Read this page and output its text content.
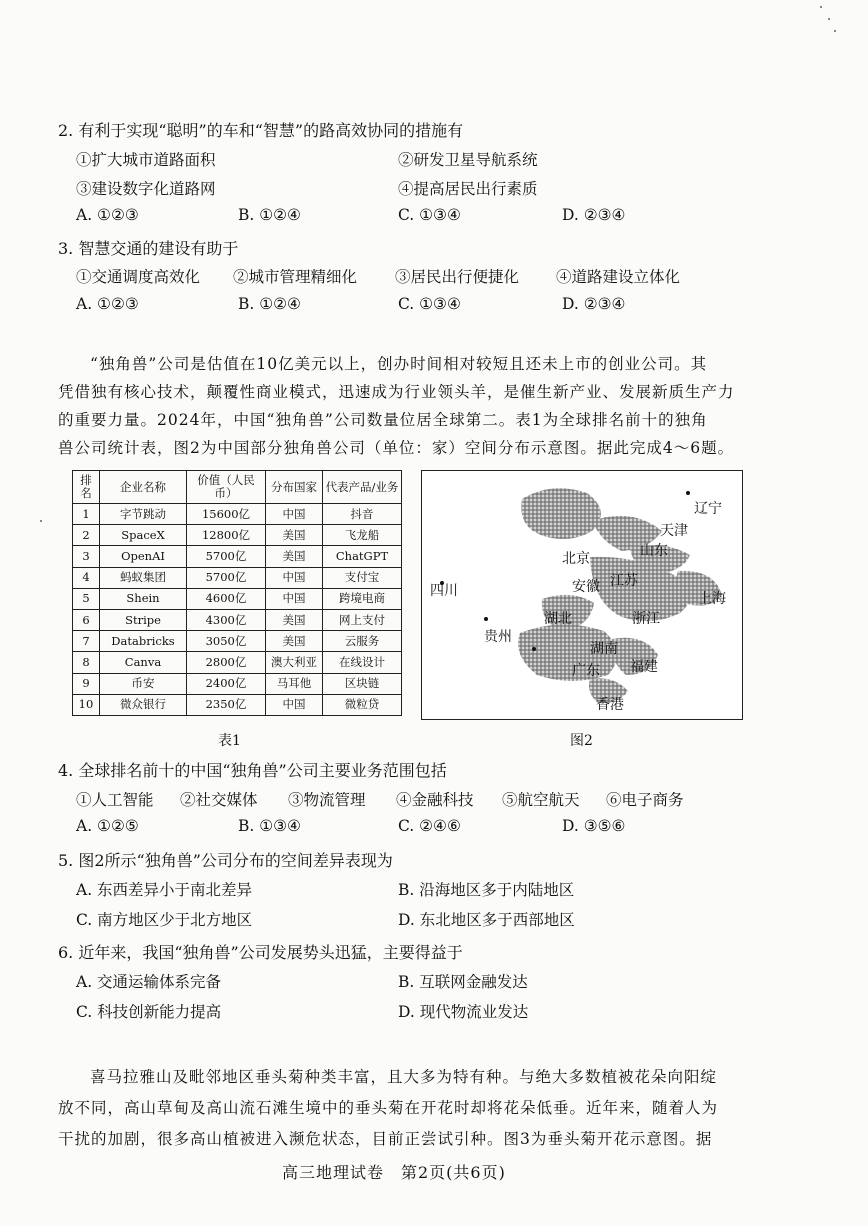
2. 有利于实现“聪明”的车和“智慧”的路高效协同的措施有
①扩大城市道路面积	②研发卫星导航系统
③建设数字化道路网	④提高居民出行素质
A. ①②③	B. ①②④	C. ①③④	D. ②③④
3. 智慧交通的建设有助于
①交通调度高效化 ②城市管理精细化 ③居民出行便捷化 ④道路建设立体化
A. ①②③	B. ①②④	C. ①③④	D. ②③④

“独角兽”公司是估值在10亿美元以上，创办时间相对较短且还未上市的创业公司。其

凭借独有核心技术，颠覆性商业模式，迅速成为行业领头羊，是催生新产业、发展新质生产力

的重要力量。2024年，中国“独角兽”公司数量位居全球第二。表1为全球排名前十的独角

兽公司统计表，图2为中国部分独角兽公司（单位：家）空间分布示意图。据此完成4～6题。

排名	企业名称	价值（人民币）	分布国家	代表产品/业务
1	字节跳动	15600亿	中国	抖音
2	SpaceX	12800亿	美国	飞龙船
3	OpenAI	5700亿	美国	ChatGPT
4	蚂蚁集团	5700亿	中国	支付宝
5	Shein	4600亿	中国	跨境电商
6	Stripe	4300亿	美国	网上支付
7	Databricks	3050亿	美国	云服务
8	Canva	2800亿	澳大利亚	在线设计
9	币安	2400亿	马耳他	区块链
10	微众银行	2350亿	中国	微粒贷
表1
辽宁
天津
北京	山东
四川
江苏
上海
安徽
湖北	浙江
贵州
湖南
福建
广东
香港
图2
4. 全球排名前十的中国“独角兽”公司主要业务范围包括
①人工智能 ②社交媒体 ③物流管理 ④金融科技 ⑤航空航天 ⑥电子商务
A. ①②⑤	B. ①③④	C. ②④⑥	D. ③⑤⑥
5. 图2所示“独角兽”公司分布的空间差异表现为
A. 东西差异小于南北差异	B. 沿海地区多于内陆地区
C. 南方地区少于北方地区	D. 东北地区多于西部地区
6. 近年来，我国“独角兽”公司发展势头迅猛，主要得益于
A. 交通运输体系完备	B. 互联网金融发达
C. 科技创新能力提高	D. 现代物流业发达

喜马拉雅山及毗邻地区垂头菊种类丰富，且大多为特有种。与绝大多数植被花朵向阳绽

放不同，高山草甸及高山流石滩生境中的垂头菊在开花时却将花朵低垂。近年来，随着人为

干扰的加剧，很多高山植被进入濒危状态，目前正尝试引种。图3为垂头菊开花示意图。据

高三地理试卷　第2页(共6页)
